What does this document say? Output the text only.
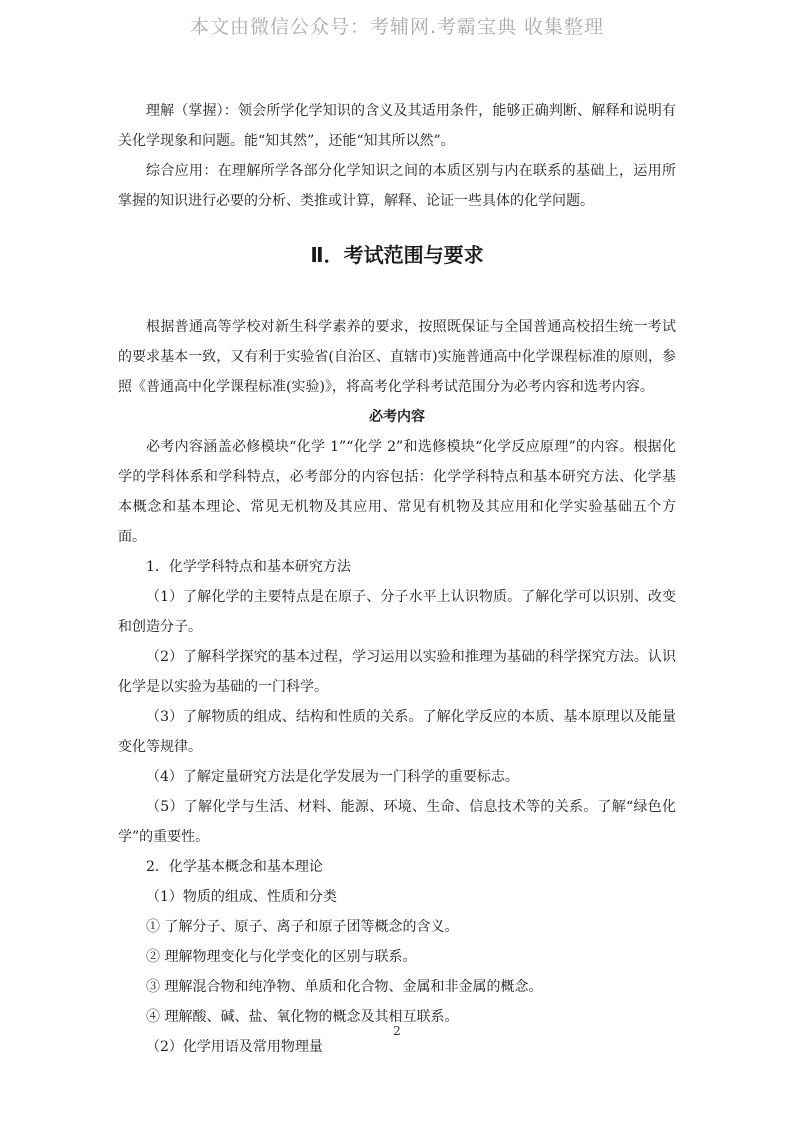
本文由微信公众号：考辅网.考霸宝典 收集整理

理解（掌握）：领会所学化学知识的含义及其适用条件，能够正确判断、解释和说明有关化学现象和问题。能“知其然”，还能“知其所以然”。

综合应用：在理解所学各部分化学知识之间的本质区别与内在联系的基础上，运用所掌握的知识进行必要的分析、类推或计算，解释、论证一些具体的化学问题。

Ⅱ．考试范围与要求

根据普通高等学校对新生科学素养的要求，按照既保证与全国普通高校招生统一考试的要求基本一致，又有利于实验省(自治区、直辖市)实施普通高中化学课程标准的原则，参照《普通高中化学课程标准(实验)》，将高考化学科考试范围分为必考内容和选考内容。

必考内容

必考内容涵盖必修模块“化学 1”“化学 2”和选修模块“化学反应原理”的内容。根据化学的学科体系和学科特点，必考部分的内容包括：化学学科特点和基本研究方法、化学基本概念和基本理论、常见无机物及其应用、常见有机物及其应用和化学实验基础五个方面。

1．化学学科特点和基本研究方法

（1）了解化学的主要特点是在原子、分子水平上认识物质。了解化学可以识别、改变和创造分子。

（2）了解科学探究的基本过程，学习运用以实验和推理为基础的科学探究方法。认识化学是以实验为基础的一门科学。

（3）了解物质的组成、结构和性质的关系。了解化学反应的本质、基本原理以及能量变化等规律。

（4）了解定量研究方法是化学发展为一门科学的重要标志。

（5）了解化学与生活、材料、能源、环境、生命、信息技术等的关系。了解“绿色化学”的重要性。

2．化学基本概念和基本理论

（1）物质的组成、性质和分类

① 了解分子、原子、离子和原子团等概念的含义。

② 理解物理变化与化学变化的区别与联系。

③ 理解混合物和纯净物、单质和化合物、金属和非金属的概念。

④ 理解酸、碱、盐、氧化物的概念及其相互联系。

（2）化学用语及常用物理量

2
